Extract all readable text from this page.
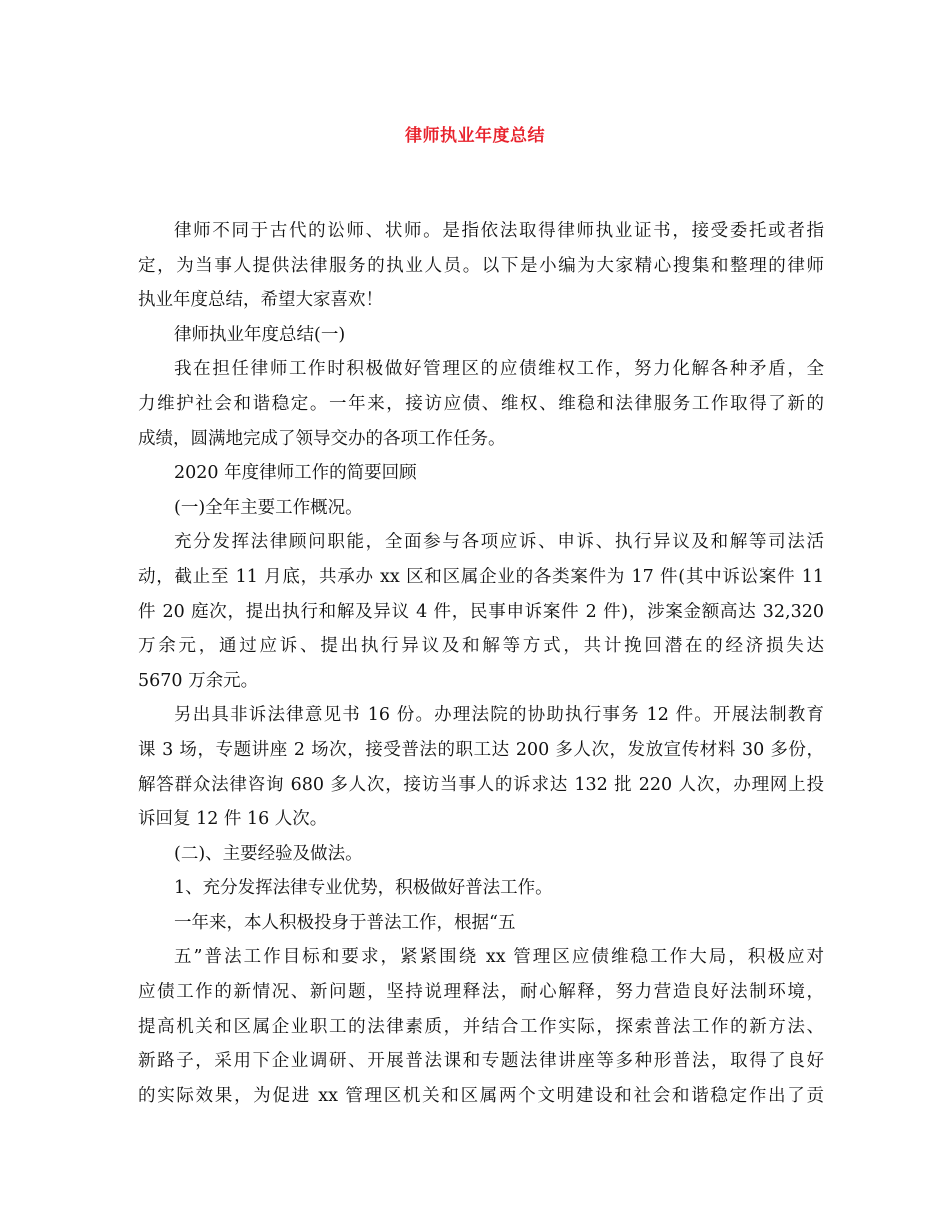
律师执业年度总结
律师不同于古代的讼师、状师。是指依法取得律师执业证书，接受委托或者指
定，为当事人提供法律服务的执业人员。以下是小编为大家精心搜集和整理的律师
执业年度总结，希望大家喜欢！
律师执业年度总结(一)
我在担任律师工作时积极做好管理区的应债维权工作，努力化解各种矛盾，全
力维护社会和谐稳定。一年来，接访应债、维权、维稳和法律服务工作取得了新的
成绩，圆满地完成了领导交办的各项工作任务。
2020 年度律师工作的简要回顾
(一)全年主要工作概况。
充分发挥法律顾问职能，全面参与各项应诉、申诉、执行异议及和解等司法活
动，截止至 11 月底，共承办 xx 区和区属企业的各类案件为 17 件(其中诉讼案件 11
件 20 庭次，提出执行和解及异议 4 件，民事申诉案件 2 件)，涉案金额高达 32,320
万余元，通过应诉、提出执行异议及和解等方式，共计挽回潜在的经济损失达
5670 万余元。
另出具非诉法律意见书 16 份。办理法院的协助执行事务 12 件。开展法制教育
课 3 场，专题讲座 2 场次，接受普法的职工达 200 多人次，发放宣传材料 30 多份，
解答群众法律咨询 680 多人次，接访当事人的诉求达 132 批 220 人次，办理网上投
诉回复 12 件 16 人次。
(二)、主要经验及做法。
1、充分发挥法律专业优势，积极做好普法工作。
一年来，本人积极投身于普法工作，根据“五
五”普法工作目标和要求，紧紧围绕 xx 管理区应债维稳工作大局，积极应对
应债工作的新情况、新问题，坚持说理释法，耐心解释，努力营造良好法制环境，
提高机关和区属企业职工的法律素质，并结合工作实际，探索普法工作的新方法、
新路子，采用下企业调研、开展普法课和专题法律讲座等多种形普法，取得了良好
的实际效果，为促进 xx 管理区机关和区属两个文明建设和社会和谐稳定作出了贡
